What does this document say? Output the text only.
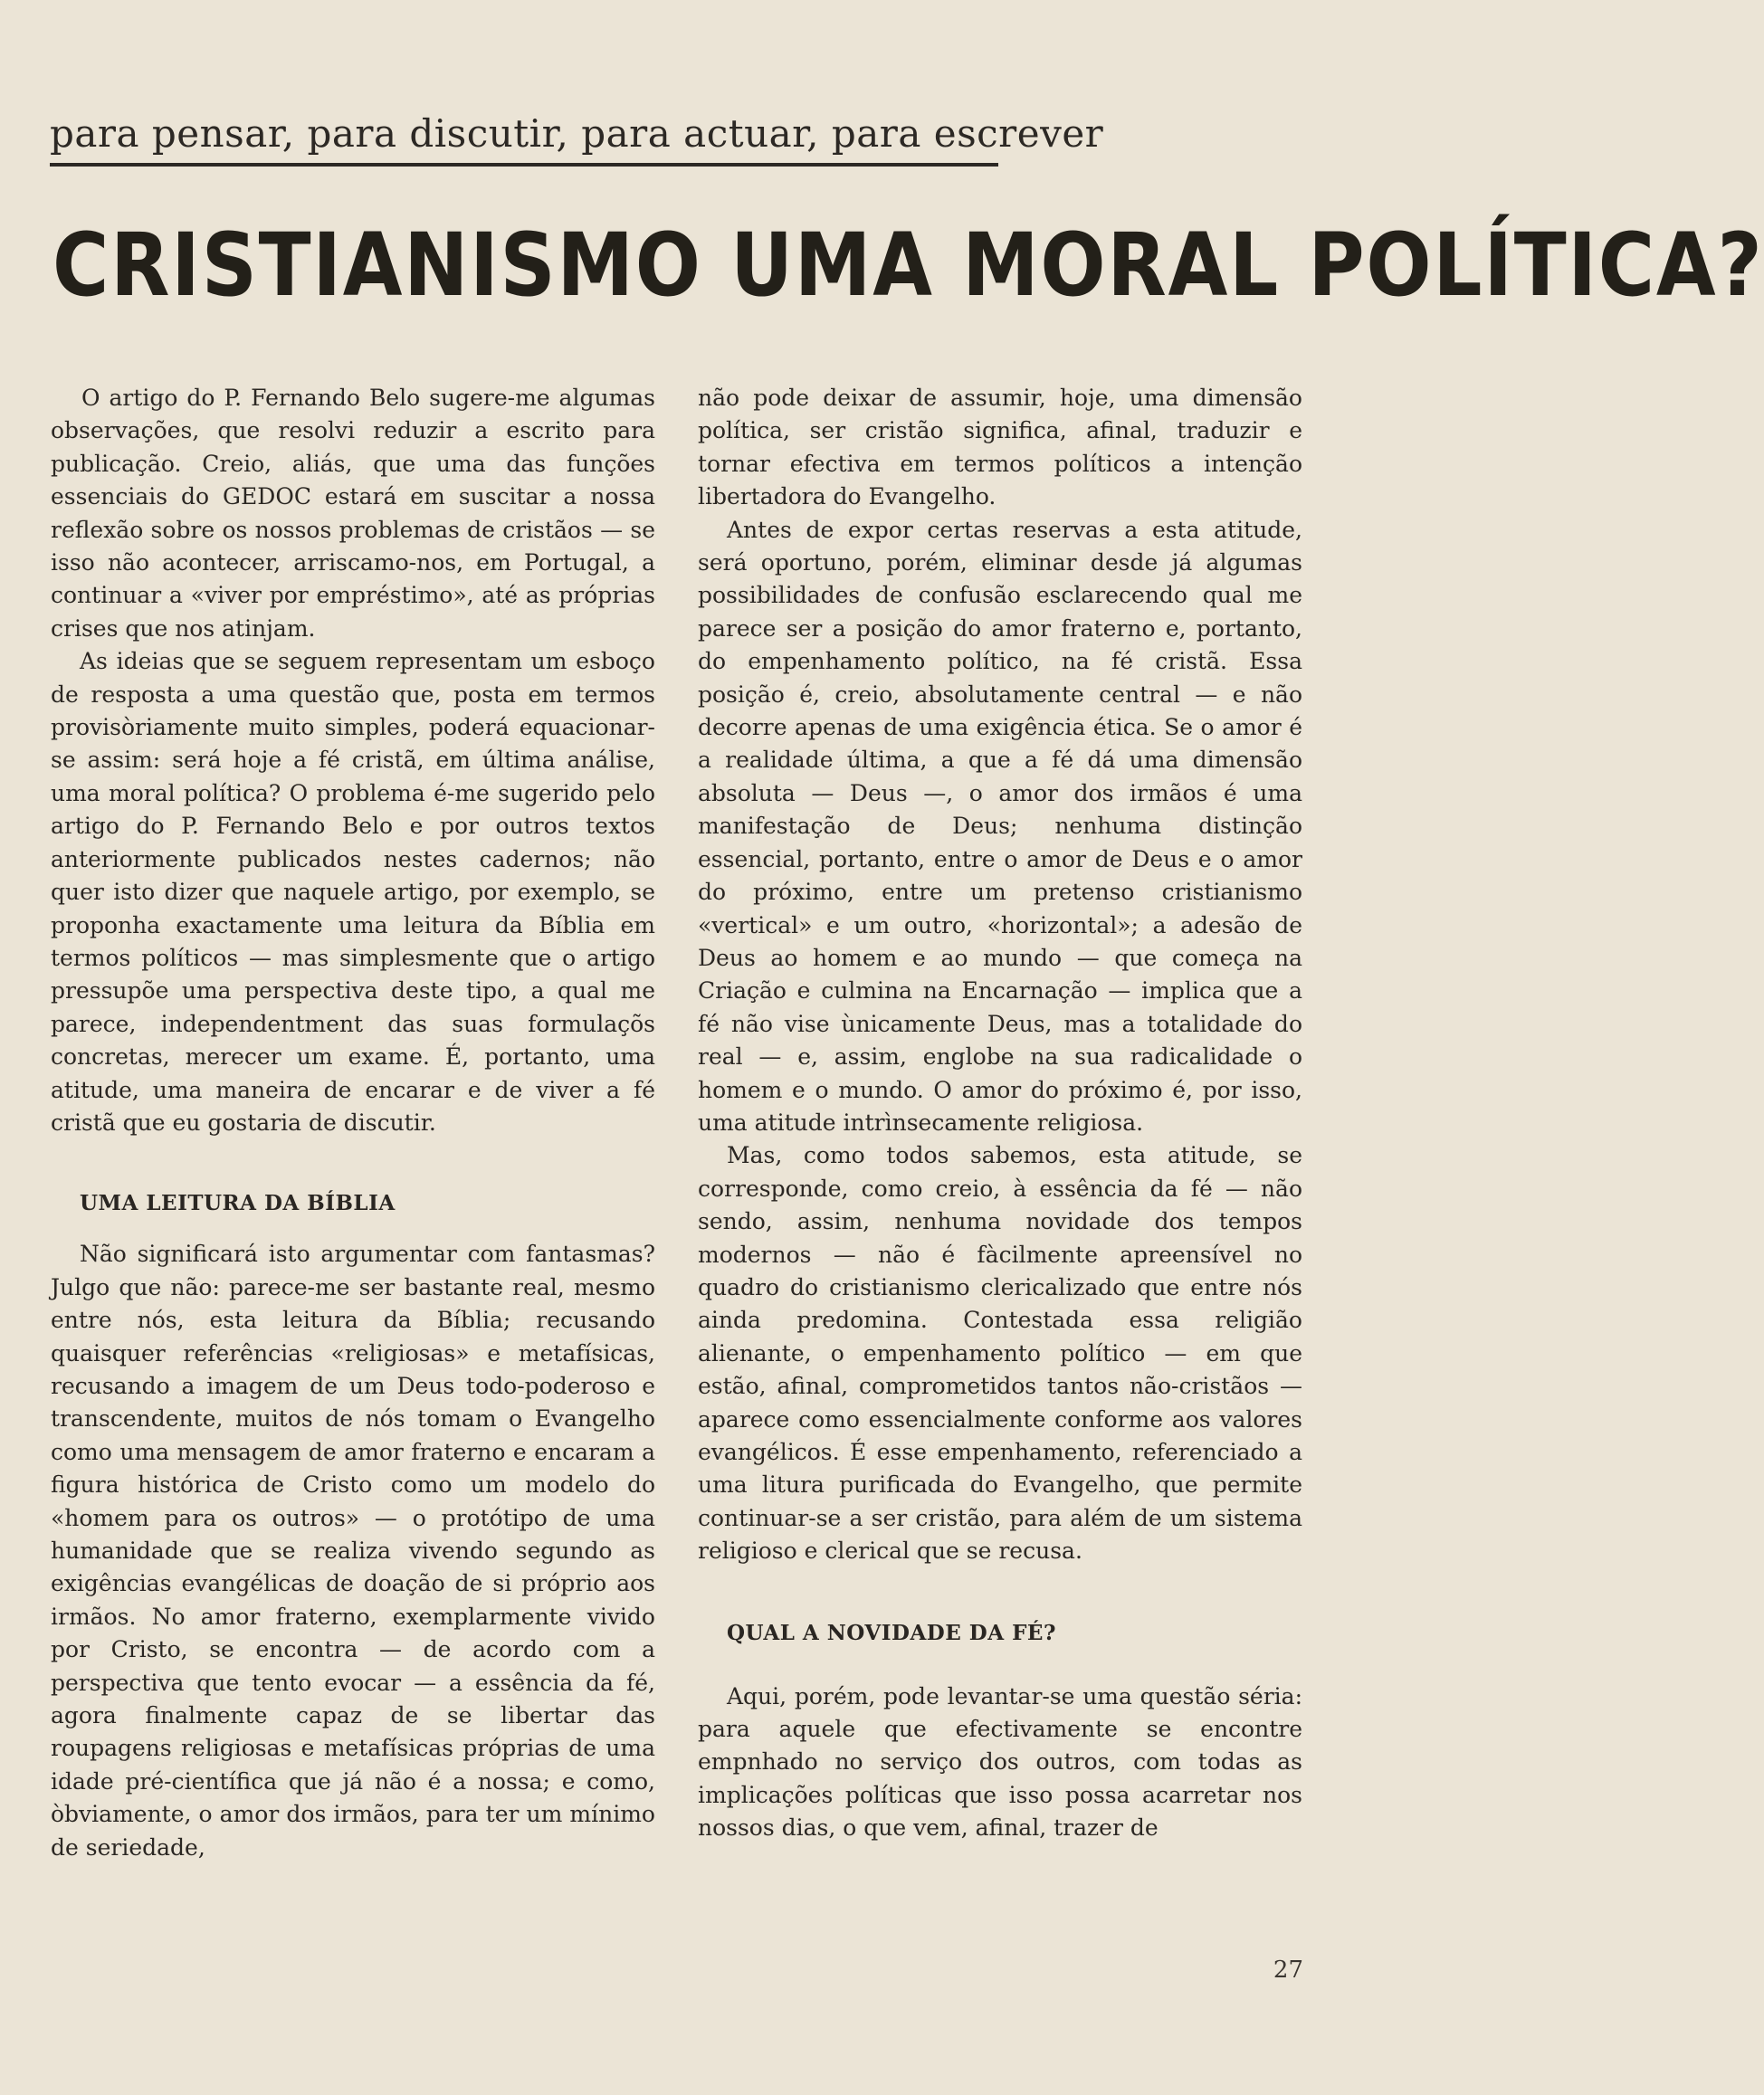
para pensar, para discutir, para actuar, para escrever
CRISTIANISMO UMA MORAL POLÍTICA?

O artigo do P. Fernando Belo sugere-me algumas observações, que resolvi reduzir a escrito para publicação. Creio, aliás, que uma das funções essenciais do GEDOC estará em suscitar a nossa reflexão sobre os nossos problemas de cristãos — se isso não acontecer, arriscamo-nos, em Portugal, a continuar a «viver por empréstimo», até as próprias crises que nos atinjam.

As ideias que se seguem representam um esboço de resposta a uma questão que, posta em termos provisòriamente muito simples, poderá equacionar-se assim: será hoje a fé cristã, em última análise, uma moral política? O problema é-me sugerido pelo artigo do P. Fernando Belo e por outros textos anteriormente publicados nestes cadernos; não quer isto dizer que naquele artigo, por exemplo, se proponha exactamente uma leitura da Bíblia em termos políticos — mas simplesmente que o artigo pressupõe uma perspectiva deste tipo, a qual me parece, independentment das suas formulaçõs concretas, merecer um exame. É, portanto, uma atitude, uma maneira de encarar e de viver a fé cristã que eu gostaria de discutir.

UMA LEITURA DA BÍBLIA

Não significará isto argumentar com fantasmas? Julgo que não: parece-me ser bastante real, mesmo entre nós, esta leitura da Bíblia; recusando quaisquer referências «religiosas» e metafísicas, recusando a imagem de um Deus todo-poderoso e transcendente, muitos de nós tomam o Evangelho como uma mensagem de amor fraterno e encaram a figura histórica de Cristo como um modelo do «homem para os outros» — o protótipo de uma humanidade que se realiza vivendo segundo as exigências evangélicas de doação de si próprio aos irmãos. No amor fraterno, exemplarmente vivido por Cristo, se encontra — de acordo com a perspectiva que tento evocar — a essência da fé, agora finalmente capaz de se libertar das roupagens religiosas e metafísicas próprias de uma idade pré-científica que já não é a nossa; e como, òbviamente, o amor dos irmãos, para ter um mínimo de seriedade,

não pode deixar de assumir, hoje, uma dimensão política, ser cristão significa, afinal, traduzir e tornar efectiva em termos políticos a intenção libertadora do Evangelho.

Antes de expor certas reservas a esta atitude, será oportuno, porém, eliminar desde já algumas possibilidades de confusão esclarecendo qual me parece ser a posição do amor fraterno e, portanto, do empenhamento político, na fé cristã. Essa posição é, creio, absolutamente central — e não decorre apenas de uma exigência ética. Se o amor é a realidade última, a que a fé dá uma dimensão absoluta — Deus —, o amor dos irmãos é uma manifestação de Deus; nenhuma distinção essencial, portanto, entre o amor de Deus e o amor do próximo, entre um pretenso cristianismo «vertical» e um outro, «horizontal»; a adesão de Deus ao homem e ao mundo — que começa na Criação e culmina na Encarnação — implica que a fé não vise ùnicamente Deus, mas a totalidade do real — e, assim, englobe na sua radicalidade o homem e o mundo. O amor do próximo é, por isso, uma atitude intrìnsecamente religiosa.

Mas, como todos sabemos, esta atitude, se corresponde, como creio, à essência da fé — não sendo, assim, nenhuma novidade dos tempos modernos — não é fàcilmente apreensível no quadro do cristianismo clericalizado que entre nós ainda predomina. Contestada essa religião alienante, o empenhamento político — em que estão, afinal, comprometidos tantos não-cristãos — aparece como essencialmente conforme aos valores evangélicos. É esse empenhamento, referenciado a uma litura purificada do Evangelho, que permite continuar-se a ser cristão, para além de um sistema religioso e clerical que se recusa.

QUAL A NOVIDADE DA FÉ?

Aqui, porém, pode levantar-se uma questão séria: para aquele que efectivamente se encontre empnhado no serviço dos outros, com todas as implicações políticas que isso possa acarretar nos nossos dias, o que vem, afinal, trazer de

27
